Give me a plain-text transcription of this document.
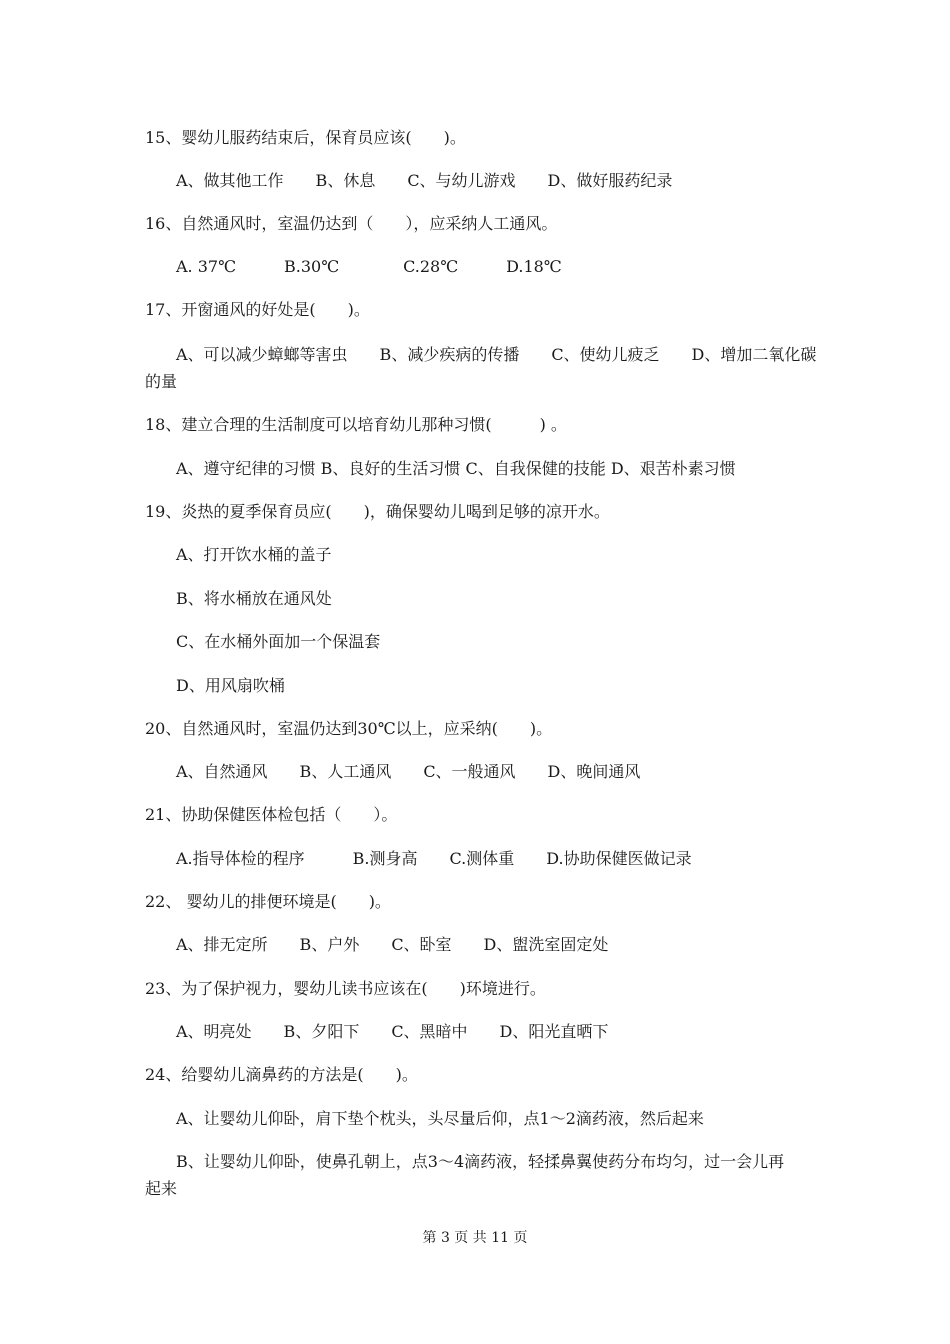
15、婴幼儿服药结束后，保育员应该(　　)。
A、做其他工作　　B、休息　　C、与幼儿游戏　　D、做好服药纪录
16、自然通风时，室温仍达到（　　），应采纳人工通风。
A. 37℃　　　B.30℃　　　　C.28℃　　　D.18℃
17、开窗通风的好处是(　　)。
A、可以减少蟑螂等害虫　　B、减少疾病的传播　　C、使幼儿疲乏　　D、增加二氧化碳
的量
18、建立合理的生活制度可以培育幼儿那种习惯(　　　) 。
A、遵守纪律的习惯 B、良好的生活习惯 C、自我保健的技能 D、艰苦朴素习惯
19、炎热的夏季保育员应(　　)，确保婴幼儿喝到足够的凉开水。
A、打开饮水桶的盖子
B、将水桶放在通风处
C、在水桶外面加一个保温套
D、用风扇吹桶
20、自然通风时，室温仍达到30℃以上，应采纳(　　)。
A、自然通风　　B、人工通风　　C、一般通风　　D、晚间通风
21、协助保健医体检包括（　　）。
A.指导体检的程序　　　B.测身高　　C.测体重　　D.协助保健医做记录
22、 婴幼儿的排便环境是(　　)。
A、排无定所　　B、户外　　C、卧室　　D、盥洗室固定处
23、为了保护视力，婴幼儿读书应该在(　　)环境进行。
A、明亮处　　B、夕阳下　　C、黑暗中　　D、阳光直晒下
24、给婴幼儿滴鼻药的方法是(　　)。
A、让婴幼儿仰卧，肩下垫个枕头，头尽量后仰，点1～2滴药液，然后起来
B、让婴幼儿仰卧，使鼻孔朝上，点3～4滴药液，轻揉鼻翼使药分布均匀，过一会儿再
起来
第 3 页 共 11 页
